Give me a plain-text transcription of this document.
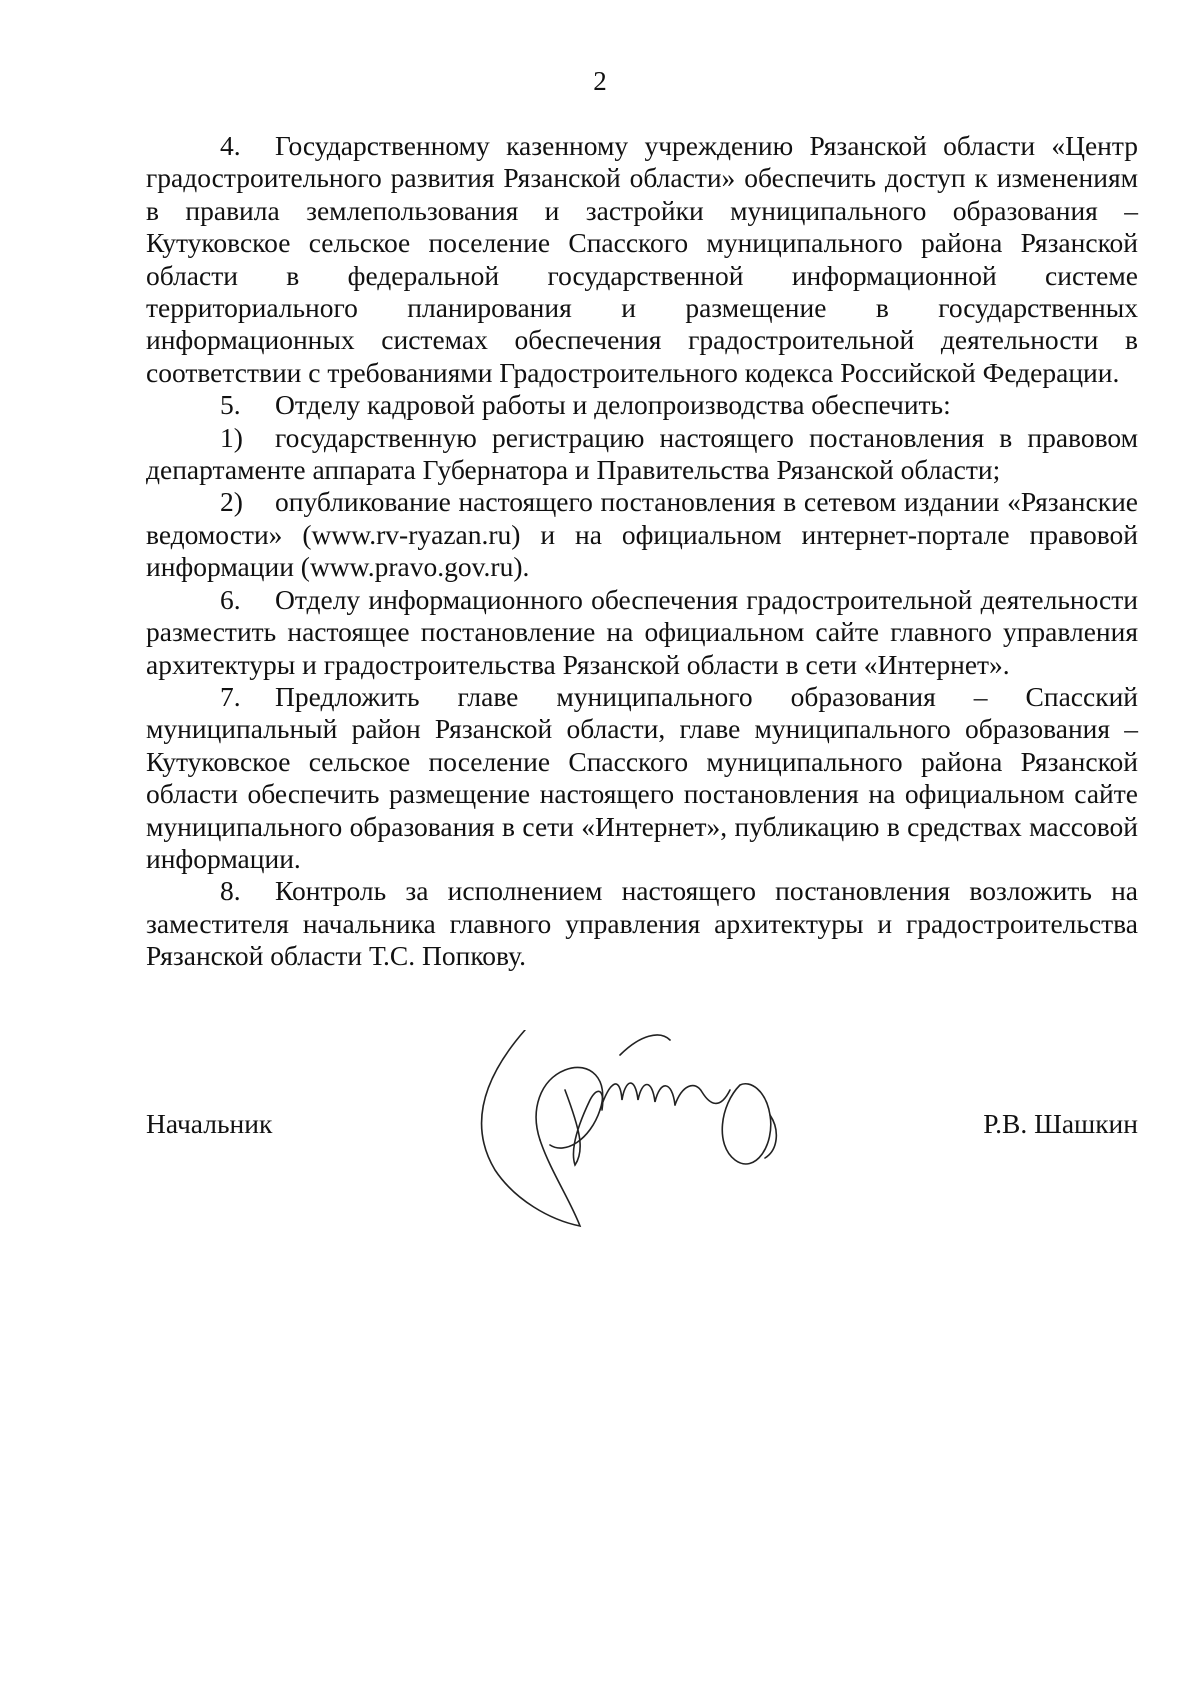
2

4. Государственному казенному учреждению Рязанской области «Центр градостроительного развития Рязанской области» обеспечить доступ к изменениям в правила землепользования и застройки муниципального образования – Кутуковское сельское поселение Спасского муниципального района Рязанской области в федеральной государственной информационной системе территориального планирования и размещение в государственных информационных системах обеспечения градостроительной деятельности в соответствии с требованиями Градостроительного кодекса Российской Федерации.

5. Отделу кадровой работы и делопроизводства обеспечить:

1) государственную регистрацию настоящего постановления в правовом департаменте аппарата Губернатора и Правительства Рязанской области;

2) опубликование настоящего постановления в сетевом издании «Рязанские ведомости» (www.rv-ryazan.ru) и на официальном интернет-портале правовой информации (www.pravo.gov.ru).

6. Отделу информационного обеспечения градостроительной деятельности разместить настоящее постановление на официальном сайте главного управления архитектуры и градостроительства Рязанской области в сети «Интернет».

7. Предложить главе муниципального образования – Спасский муниципальный район Рязанской области, главе муниципального образования – Кутуковское сельское поселение Спасского муниципального района Рязанской области обеспечить размещение настоящего постановления на официальном сайте муниципального образования в сети «Интернет», публикацию в средствах массовой информации.

8. Контроль за исполнением настоящего постановления возложить на заместителя начальника главного управления архитектуры и градостроительства Рязанской области Т.С. Попкову.

Начальник	Р.В. Шашкин
